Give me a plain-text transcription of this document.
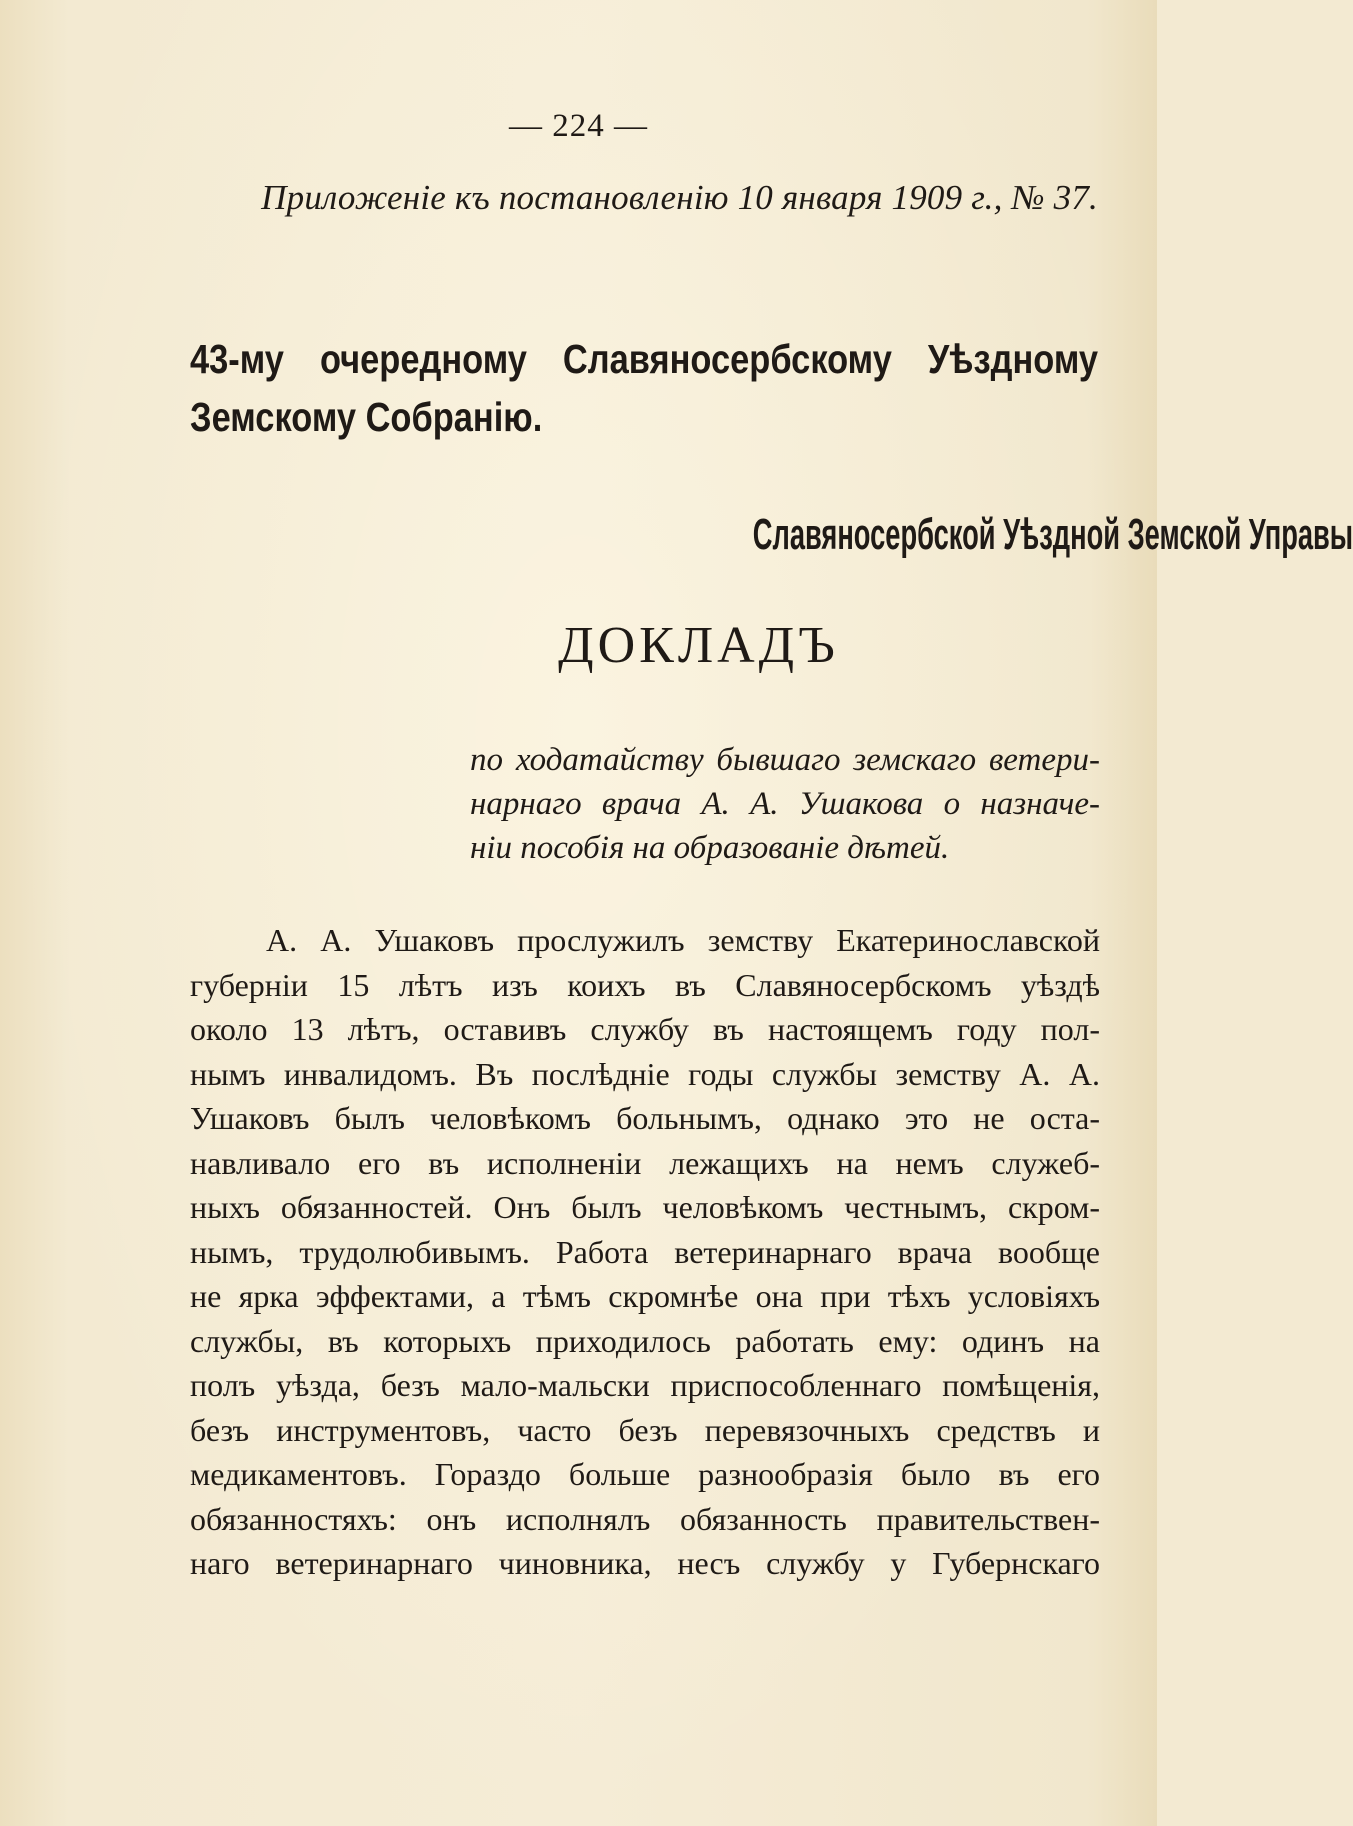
— 224 —
Приложеніе къ постановленію 10 января 1909 г., № 37.
43-му очередному Славяносербскому Уѣздному Земскому Собранію.
Славяносербской Уѣздной Земской Управы
ДОКЛАДЪ
по ходатайству бывшаго земскаго ветери-
нарнаго врача А. А. Ушакова о назначе-
ніи пособія на образованіе дѣтей.
А. А. Ушаковъ прослужилъ земству Екатеринославской
губерніи 15 лѣтъ изъ коихъ въ Славяносербскомъ уѣздѣ
около 13 лѣтъ, оставивъ службу въ настоящемъ году пол-
нымъ инвалидомъ. Въ послѣдніе годы службы земству А. А.
Ушаковъ былъ человѣкомъ больнымъ, однако это не оста-
навливало его въ исполненіи лежащихъ на немъ служеб-
ныхъ обязанностей. Онъ былъ человѣкомъ честнымъ, скром-
нымъ, трудолюбивымъ. Работа ветеринарнаго врача вообще
не ярка эффектами, а тѣмъ скромнѣе она при тѣхъ условіяхъ
службы, въ которыхъ приходилось работать ему: одинъ на
полъ уѣзда, безъ мало-мальски приспособленнаго помѣщенія,
безъ инструментовъ, часто безъ перевязочныхъ средствъ и
медикаментовъ. Гораздо больше разнообразія было въ его
обязанностяхъ: онъ исполнялъ обязанность правительствен-
наго ветеринарнаго чиновника, несъ службу у Губернскаго
